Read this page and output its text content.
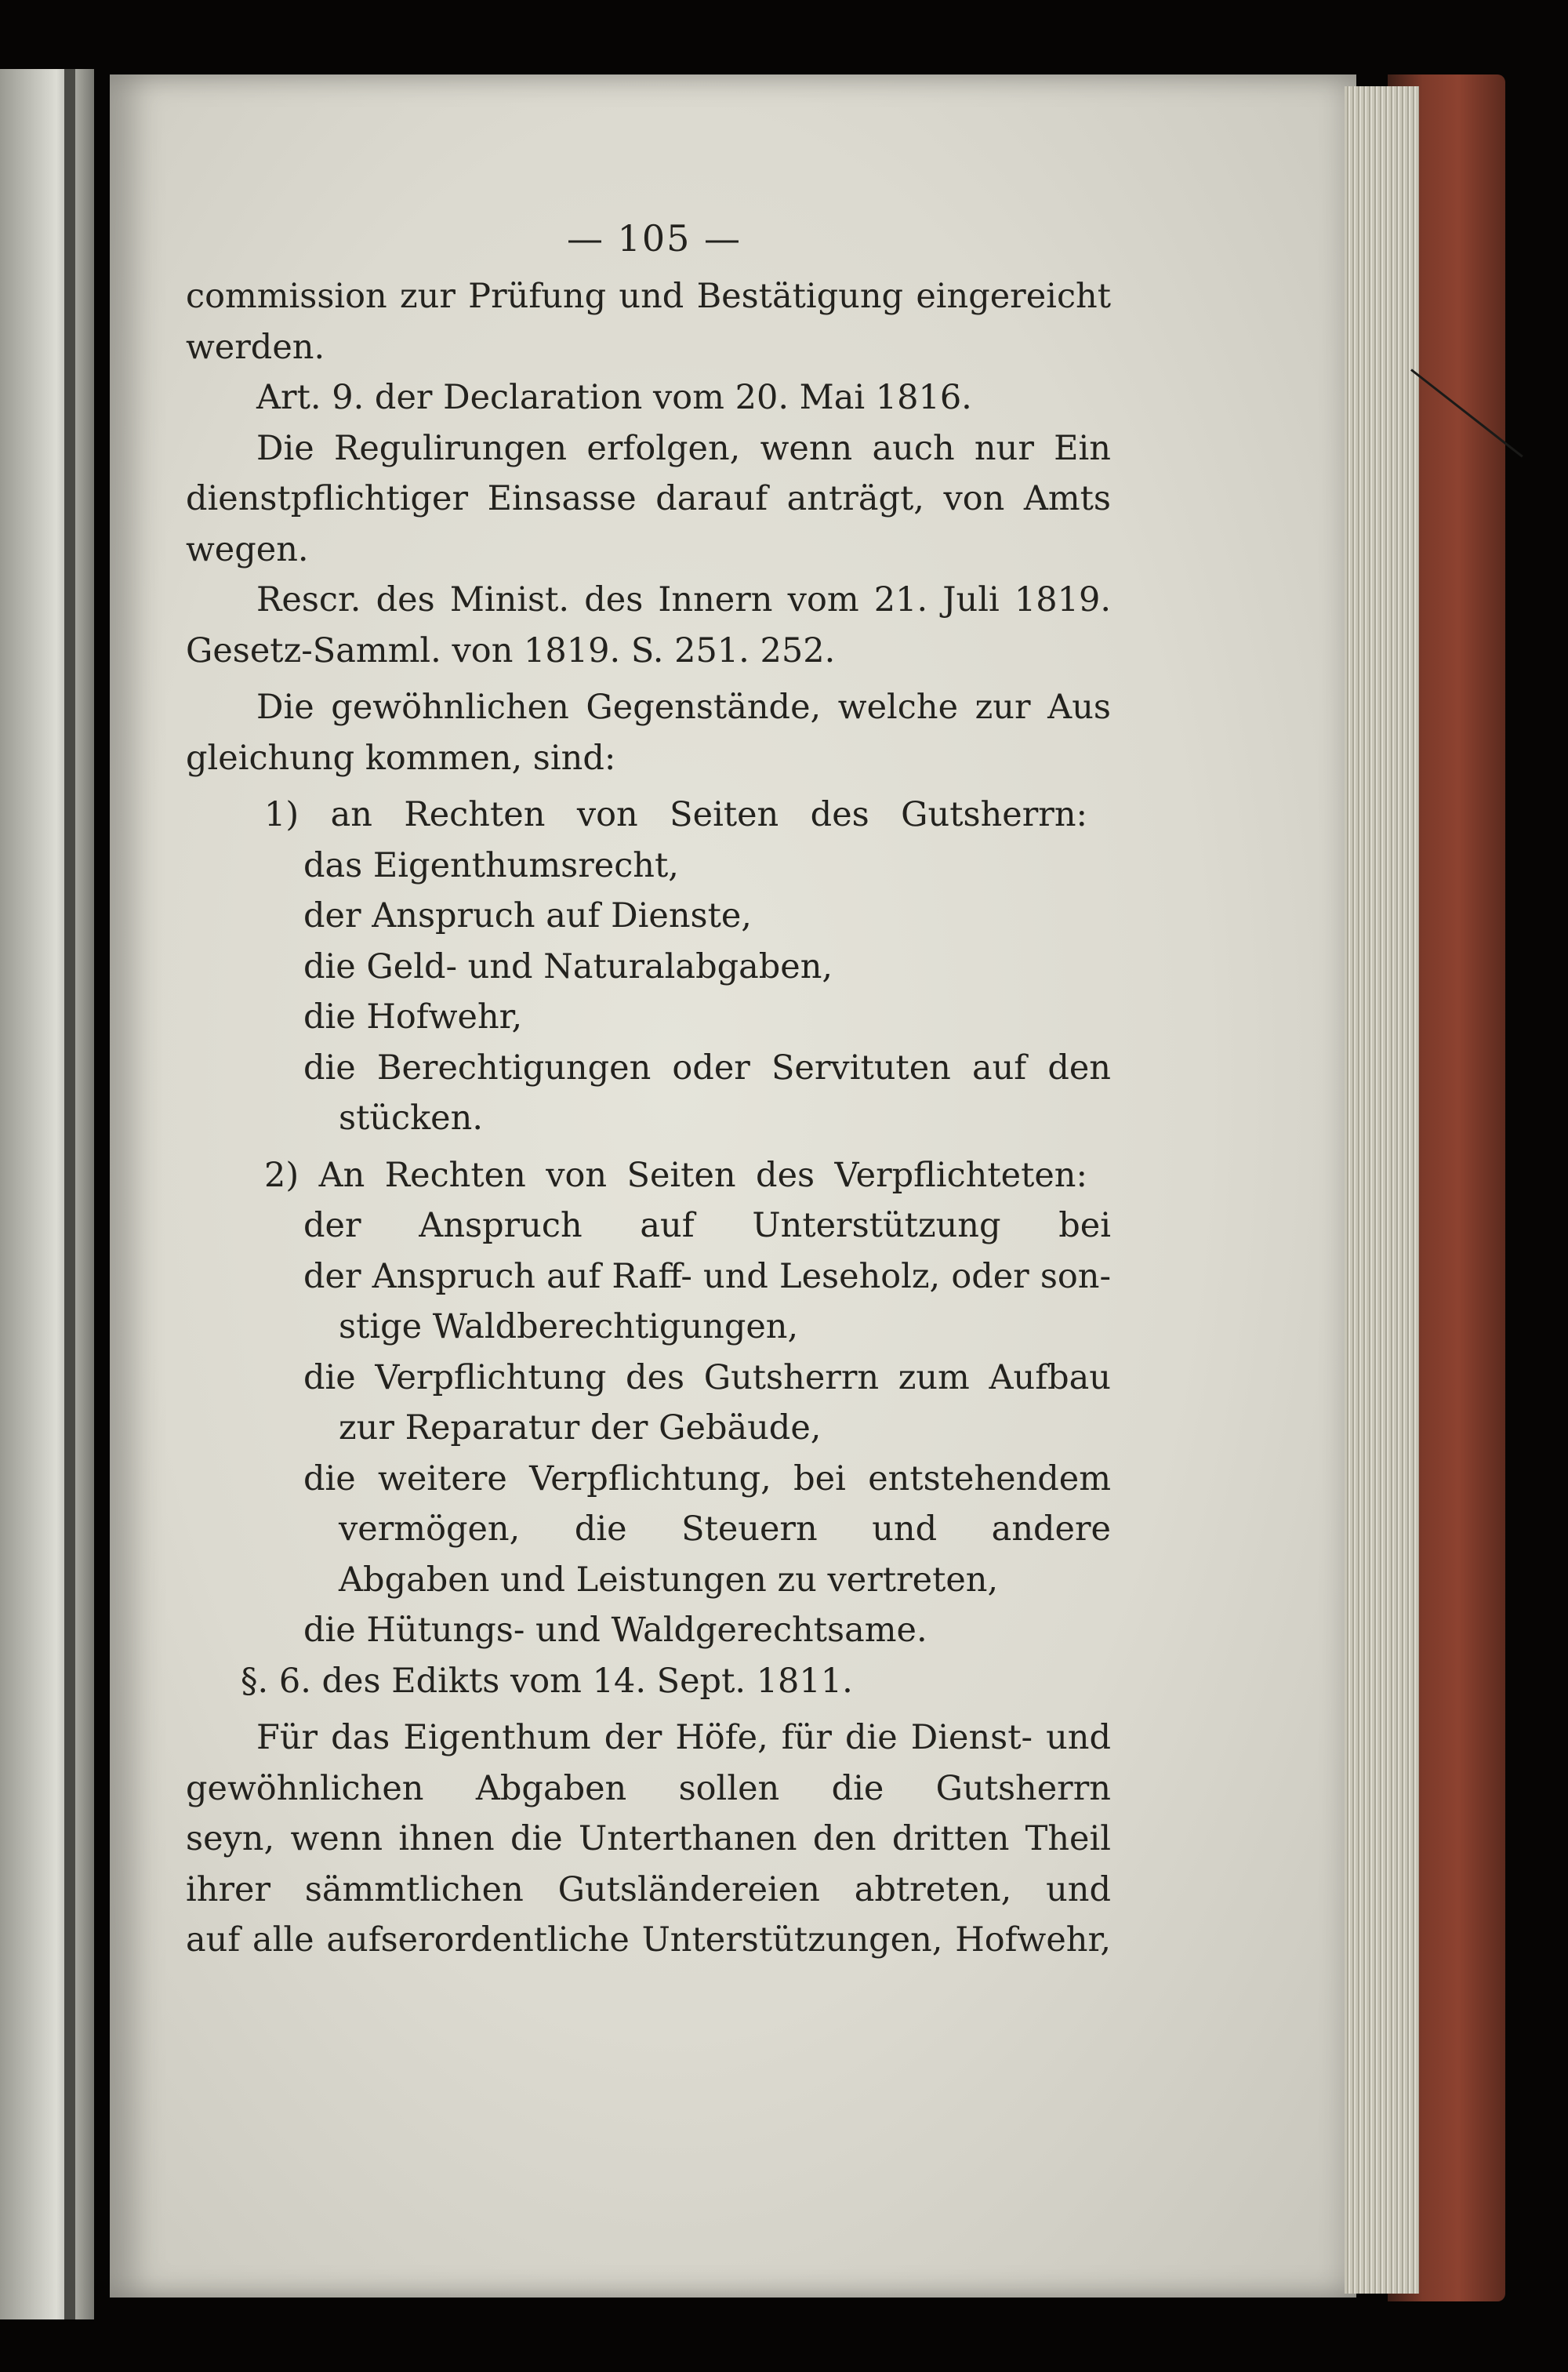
— 105 —
commission zur Prüfung und Bestätigung eingereicht
werden.
Art. 9. der Declaration vom 20. Mai 1816.
Die Regulirungen erfolgen, wenn auch nur Ein
dienstpflichtiger Einsasse darauf anträgt, von Amts
wegen.
Rescr. des Minist. des Innern vom 21. Juli 1819.
Gesetz-Samml. von 1819. S. 251. 252.
Die gewöhnlichen Gegenstände, welche zur Aus
gleichung kommen, sind:
1) an Rechten von Seiten des Gutsherrn:
das Eigenthumsrecht,
der Anspruch auf Dienste,
die Geld- und Naturalabgaben,
die Hofwehr,
die Berechtigungen oder Servituten auf den
stücken.
2) An Rechten von Seiten des Verpflichteten:
der Anspruch auf Unterstützung bei
der Anspruch auf Raff- und Leseholz, oder son-
stige Waldberechtigungen,
die Verpflichtung des Gutsherrn zum Aufbau
zur Reparatur der Gebäude,
die weitere Verpflichtung, bei entstehendem
vermögen, die Steuern und andere
Abgaben und Leistungen zu vertreten,
die Hütungs- und Waldgerechtsame.
§. 6. des Edikts vom 14. Sept. 1811.
Für das Eigenthum der Höfe, für die Dienst- und
gewöhnlichen Abgaben sollen die Gutsherrn
seyn, wenn ihnen die Unterthanen den dritten Theil
ihrer sämmtlichen Gutsländereien abtreten, und
auf alle aufserordentliche Unterstützungen, Hofwehr,
